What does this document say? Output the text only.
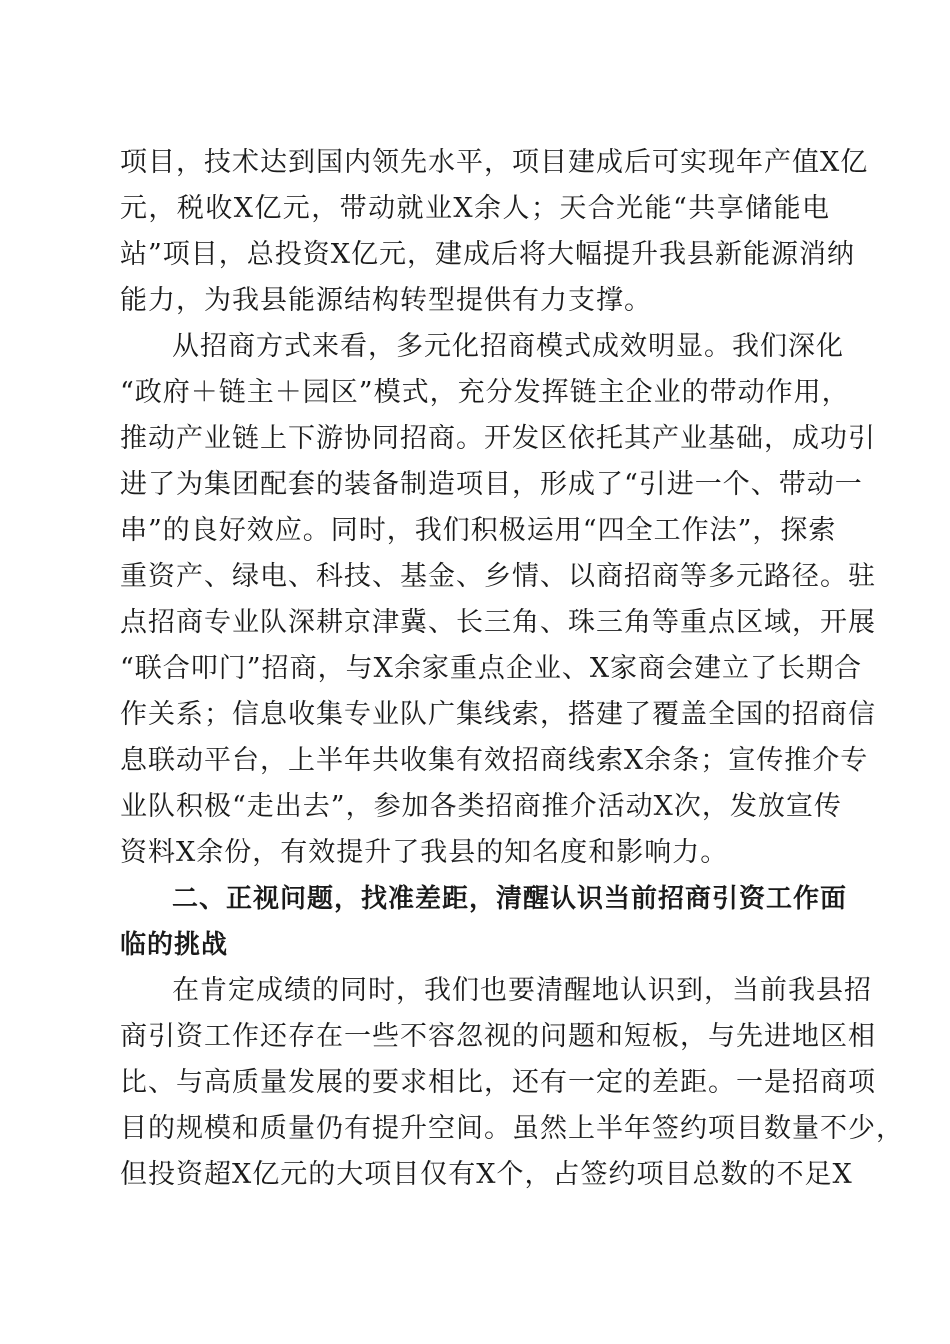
项目，技术达到国内领先水平，项目建成后可实现年产值X亿
元，税收X亿元，带动就业X余人；天合光能“共享储能电
站”项目，总投资X亿元，建成后将大幅提升我县新能源消纳
能力，为我县能源结构转型提供有力支撑。
从招商方式来看，多元化招商模式成效明显。我们深化
“政府＋链主＋园区”模式，充分发挥链主企业的带动作用，
推动产业链上下游协同招商。开发区依托其产业基础，成功引
进了为集团配套的装备制造项目，形成了“引进一个、带动一
串”的良好效应。同时，我们积极运用“四全工作法”，探索
重资产、绿电、科技、基金、乡情、以商招商等多元路径。驻
点招商专业队深耕京津冀、长三角、珠三角等重点区域，开展
“联合叩门”招商，与X余家重点企业、X家商会建立了长期合
作关系；信息收集专业队广集线索，搭建了覆盖全国的招商信
息联动平台，上半年共收集有效招商线索X余条；宣传推介专
业队积极“走出去”，参加各类招商推介活动X次，发放宣传
资料X余份，有效提升了我县的知名度和影响力。
二、正视问题，找准差距，清醒认识当前招商引资工作面
临的挑战
在肯定成绩的同时，我们也要清醒地认识到，当前我县招
商引资工作还存在一些不容忽视的问题和短板，与先进地区相
比、与高质量发展的要求相比，还有一定的差距。一是招商项
目的规模和质量仍有提升空间。虽然上半年签约项目数量不少，
但投资超X亿元的大项目仅有X个，占签约项目总数的不足X
